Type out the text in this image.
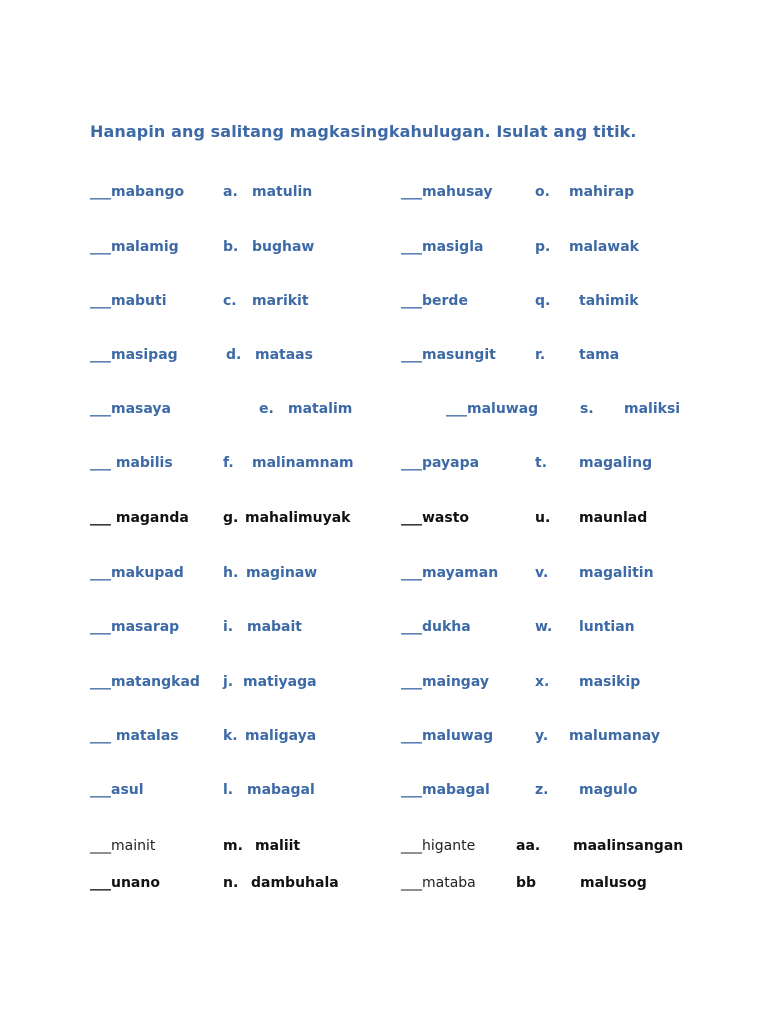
Hanapin ang salitang magkasingkahulugan. Isulat ang titik.
___mabango	a. matulin	___mahusay	o. mahirap
___malamig	b. bughaw	___masigla	p. malawak
___mabuti	c. marikit	___berde	q. tahimik
___masipag	d. mataas	___masungit	r. tama
___masaya	e. matalim	___maluwag	s. maliksi
___ mabilis	f. malinamnam	___payapa	t. magaling
___ maganda g. mahalimuyak	___wasto	u. maunlad
___makupad	h. maginaw	___mayaman	v. magalitin
___masarap	i. mabait	___dukha	w. luntian
___matangkad j. matiyaga	___maingay	x. masikip
___ matalas	k. maligaya	___maluwag	y. malumanay
___asul	l. mabagal	___mabagal	z. magulo
___mainit	m. maliit	___higante	aa. maalinsangan
___unano	n. dambuhala	___mataba	bb	malusog
